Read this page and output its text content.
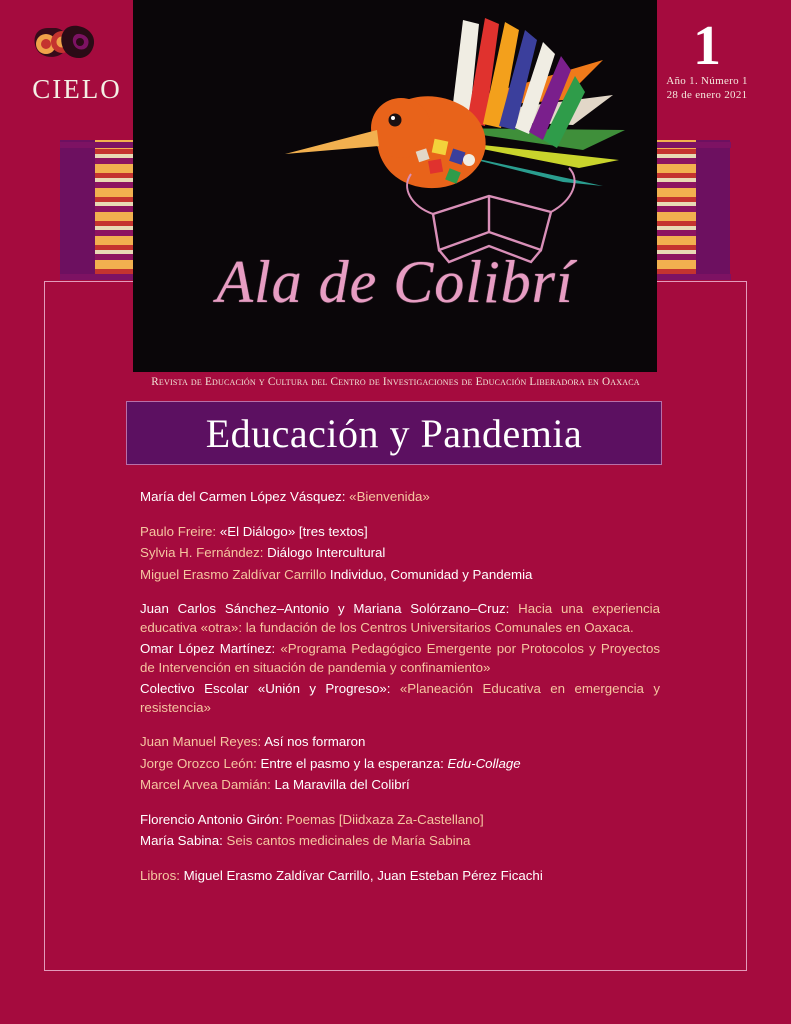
CIELO
1
Año 1. Número 1
28 de enero 2021
Ala de Colibrí
Revista de Educación y Cultura del Centro de Investigaciones de Educación Liberadora en Oaxaca
Educación y Pandemia
María del Carmen López Vásquez: «Bienvenida»
Paulo Freire: «El Diálogo» [tres textos]
Sylvia H. Fernández: Diálogo Intercultural
Miguel Erasmo Zaldívar Carrillo Individuo, Comunidad y Pandemia
Juan Carlos Sánchez–Antonio y Mariana Solórzano–Cruz: Hacia una experiencia educativa «otra»: la fundación de los Centros Universitarios Comunales en Oaxaca.
Omar López Martínez: «Programa Pedagógico Emergente por Protocolos y Proyectos de Intervención en situación de pandemia y confinamiento»
Colectivo Escolar «Unión y Progreso»: «Planeación Educativa en emergencia y resistencia»
Juan Manuel Reyes: Así nos formaron
Jorge Orozco León: Entre el pasmo y la esperanza: Edu-Collage
Marcel Arvea Damián: La Maravilla del Colibrí
Florencio Antonio Girón: Poemas [Diidxaza Za-Castellano]
María Sabina: Seis cantos medicinales de María Sabina
Libros: Miguel Erasmo Zaldívar Carrillo, Juan Esteban Pérez Ficachi
